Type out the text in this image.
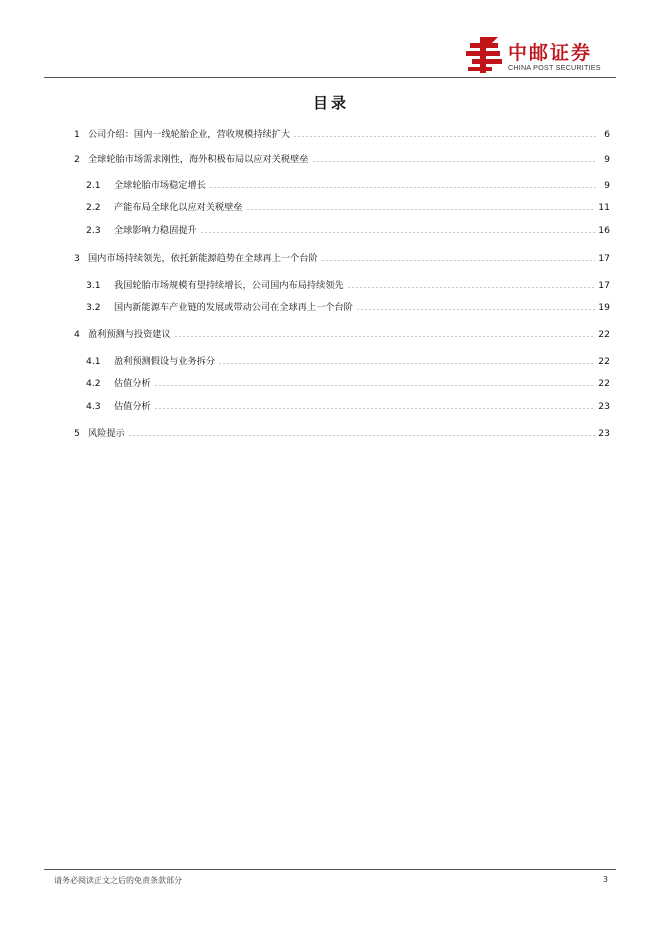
中邮证券
CHINA POST SECURITIES
目录
1 公司介绍：国内一线轮胎企业，营收规模持续扩大	6
2 全球轮胎市场需求刚性，海外积极布局以应对关税壁垒	9
2.1	全球轮胎市场稳定增长	9
2.2	产能布局全球化以应对关税壁垒	11
2.3	全球影响力稳固提升	16
3 国内市场持续领先，依托新能源趋势在全球再上一个台阶	17
3.1	我国轮胎市场规模有望持续增长，公司国内布局持续领先	17
3.2	国内新能源车产业链的发展或带动公司在全球再上一个台阶	19
4 盈利预测与投资建议	22
4.1	盈利预测假设与业务拆分	22
4.2	估值分析	22
4.3	估值分析	23
5 风险提示	23
请务必阅读正文之后的免责条款部分	3
